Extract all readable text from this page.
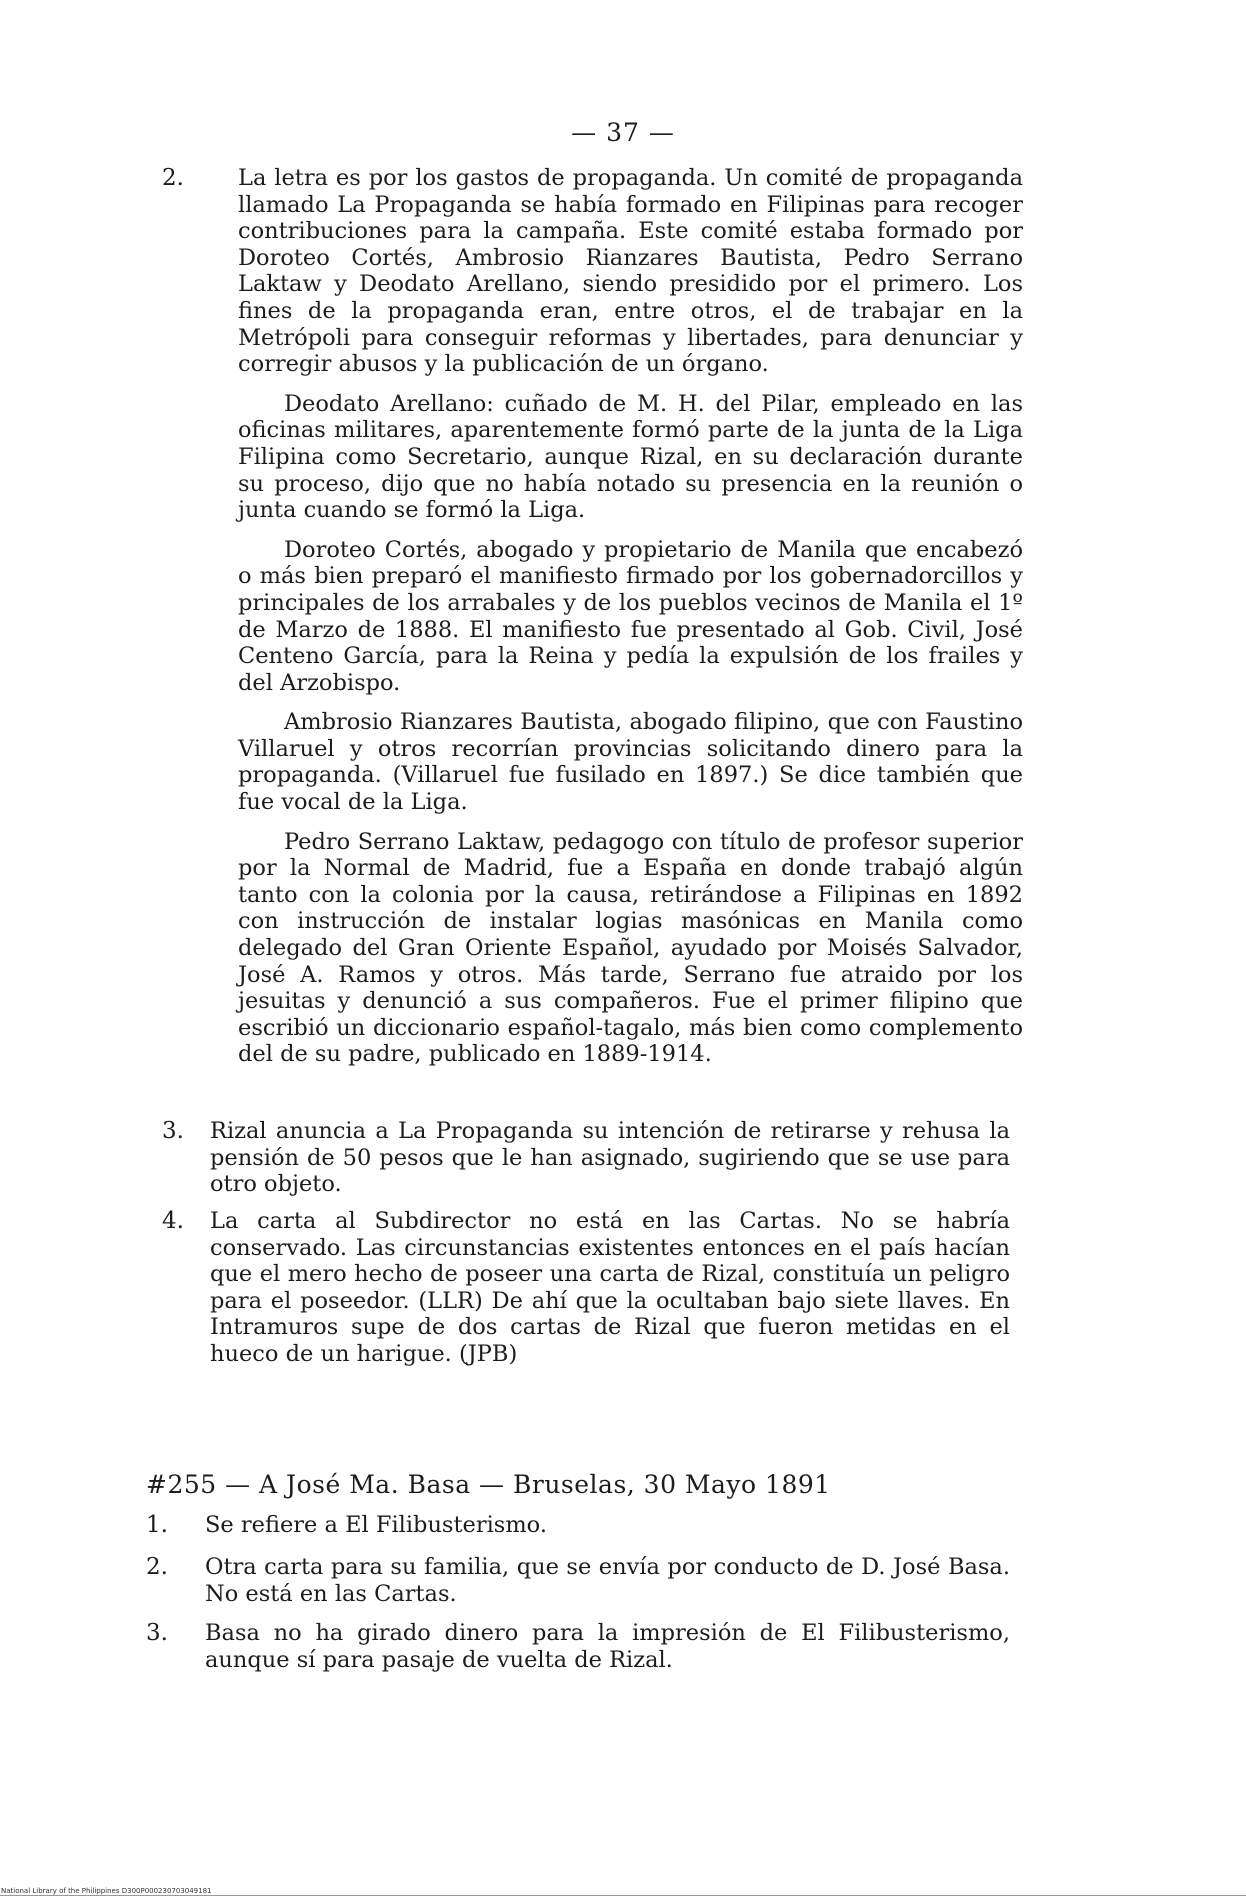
— 37 —
2. La letra es por los gastos de propaganda. Un comité de propaganda llamado La Propaganda se había formado en Filipinas para recoger contribuciones para la campaña. Este comité estaba formado por Doroteo Cortés, Ambrosio Rianzares Bautista, Pedro Serrano Laktaw y Deodato Arellano, siendo presidido por el primero. Los fines de la propaganda eran, entre otros, el de trabajar en la Metrópoli para conseguir reformas y libertades, para denunciar y corregir abusos y la publicación de un órgano.

Deodato Arellano: cuñado de M. H. del Pilar, empleado en las oficinas militares, aparentemente formó parte de la junta de la Liga Filipina como Secretario, aunque Rizal, en su declaración durante su proceso, dijo que no había notado su presencia en la reunión o junta cuando se formó la Liga.

Doroteo Cortés, abogado y propietario de Manila que encabezó o más bien preparó el manifiesto firmado por los gobernadorcillos y principales de los arrabales y de los pueblos vecinos de Manila el 1º de Marzo de 1888. El manifiesto fue presentado al Gob. Civil, José Centeno García, para la Reina y pedía la expulsión de los frailes y del Arzobispo.

Ambrosio Rianzares Bautista, abogado filipino, que con Faustino Villaruel y otros recorrían provincias solicitando dinero para la propaganda. (Villaruel fue fusilado en 1897.) Se dice también que fue vocal de la Liga.

Pedro Serrano Laktaw, pedagogo con título de profesor superior por la Normal de Madrid, fue a España en donde trabajó algún tanto con la colonia por la causa, retirándose a Filipinas en 1892 con instrucción de instalar logias masónicas en Manila como delegado del Gran Oriente Español, ayudado por Moisés Salvador, José A. Ramos y otros. Más tarde, Serrano fue atraido por los jesuitas y denunció a sus compañeros. Fue el primer filipino que escribió un diccionario español-tagalo, más bien como complemento del de su padre, publicado en 1889-1914.

3. Rizal anuncia a La Propaganda su intención de retirarse y rehusa la pensión de 50 pesos que le han asignado, sugiriendo que se use para otro objeto.

4. La carta al Subdirector no está en las Cartas. No se habría conservado. Las circunstancias existentes entonces en el país hacían que el mero hecho de poseer una carta de Rizal, constituía un peligro para el poseedor. (LLR) De ahí que la ocultaban bajo siete llaves. En Intramuros supe de dos cartas de Rizal que fueron metidas en el hueco de un harigue. (JPB)

#255 — A José Ma. Basa — Bruselas, 30 Mayo 1891
1. Se refiere a El Filibusterismo.

2. Otra carta para su familia, que se envía por conducto de D. José Basa. No está en las Cartas.

3. Basa no ha girado dinero para la impresión de El Filibusterismo, aunque sí para pasaje de vuelta de Rizal.

National Library of the Philippines D300P000230703049181
